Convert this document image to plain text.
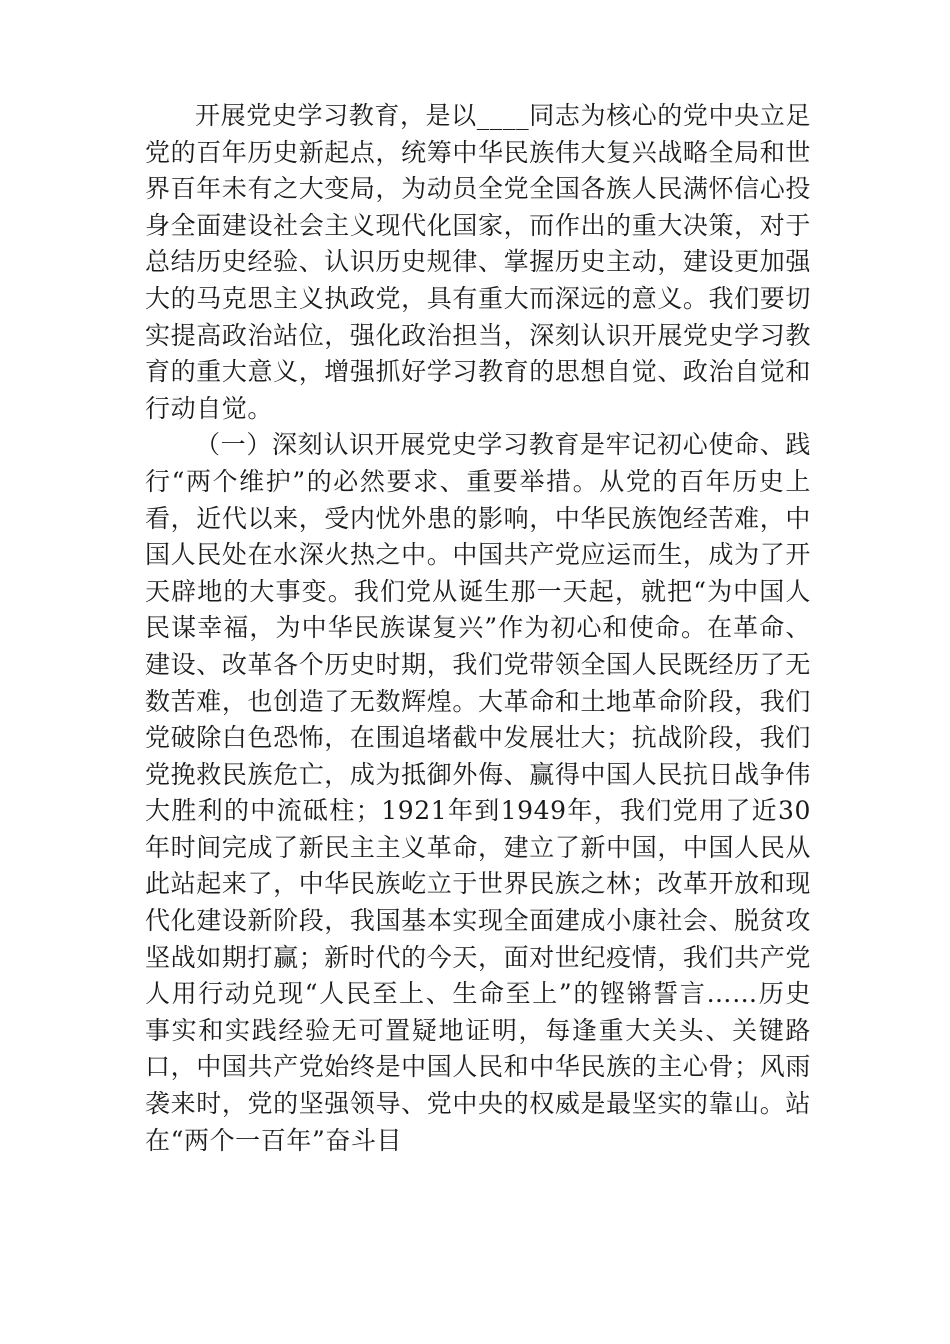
开展党史学习教育，是以____同志为核心的党中央立足党的百年历史新起点，统筹中华民族伟大复兴战略全局和世界百年未有之大变局，为动员全党全国各族人民满怀信心投身全面建设社会主义现代化国家，而作出的重大决策，对于总结历史经验、认识历史规律、掌握历史主动，建设更加强大的马克思主义执政党，具有重大而深远的意义。我们要切实提高政治站位，强化政治担当，深刻认识开展党史学习教育的重大意义，增强抓好学习教育的思想自觉、政治自觉和行动自觉。

（一）深刻认识开展党史学习教育是牢记初心使命、践行“两个维护”的必然要求、重要举措。从党的百年历史上看，近代以来，受内忧外患的影响，中华民族饱经苦难，中国人民处在水深火热之中。中国共产党应运而生，成为了开天辟地的大事变。我们党从诞生那一天起，就把“为中国人民谋幸福，为中华民族谋复兴”作为初心和使命。在革命、建设、改革各个历史时期，我们党带领全国人民既经历了无数苦难，也创造了无数辉煌。大革命和土地革命阶段，我们党破除白色恐怖，在围追堵截中发展壮大；抗战阶段，我们党挽救民族危亡，成为抵御外侮、赢得中国人民抗日战争伟大胜利的中流砥柱；1921年到1949年，我们党用了近30年时间完成了新民主主义革命，建立了新中国，中国人民从此站起来了，中华民族屹立于世界民族之林；改革开放和现代化建设新阶段，我国基本实现全面建成小康社会、脱贫攻坚战如期打赢；新时代的今天，面对世纪疫情，我们共产党人用行动兑现“人民至上、生命至上”的铿锵誓言……历史事实和实践经验无可置疑地证明，每逢重大关头、关键路口，中国共产党始终是中国人民和中华民族的主心骨；风雨袭来时，党的坚强领导、党中央的权威是最坚实的靠山。站在“两个一百年”奋斗目
